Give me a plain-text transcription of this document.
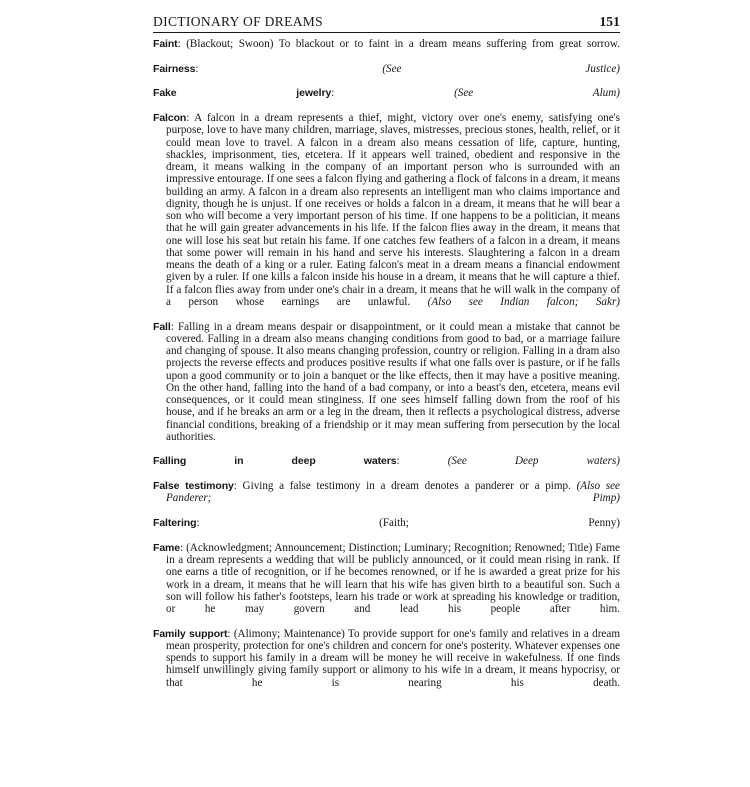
DICTIONARY OF DREAMS	151

Faint: (Blackout; Swoon) To blackout or to faint in a dream means suffering from great sorrow.

Fairness: (See Justice)

Fake jewelry: (See Alum)

Falcon: A falcon in a dream represents a thief, might, victory over one's enemy, satisfying one's purpose, love to have many children, marriage, slaves, mistresses, precious stones, health, relief, or it could mean love to travel. A falcon in a dream also means cessation of life, capture, hunting, shackles, imprisonment, ties, etcetera. If it appears well trained, obedient and responsive in the dream, it means walking in the company of an important person who is surrounded with an impressive entourage. If one sees a falcon flying and gathering a flock of falcons in a dream, it means building an army. A falcon in a dream also represents an intelligent man who claims importance and dignity, though he is unjust. If one receives or holds a falcon in a dream, it means that he will bear a son who will become a very important person of his time. If one happens to be a politician, it means that he will gain greater advancements in his life. If the falcon flies away in the dream, it means that one will lose his seat but retain his fame. If one catches few feathers of a falcon in a dream, it means that some power will remain in his hand and serve his interests. Slaughtering a falcon in a dream means the death of a king or a ruler. Eating falcon's meat in a dream means a financial endowment given by a ruler. If one kills a falcon inside his house in a dream, it means that he will capture a thief. If a falcon flies away from under one's chair in a dream, it means that he will walk in the company of a person whose earnings are unlawful. (Also see Indian falcon; Sakr)

Fall: Falling in a dream means despair or disappointment, or it could mean a mistake that cannot be covered. Falling in a dream also means changing conditions from good to bad, or a marriage failure and changing of spouse. It also means changing profession, country or religion. Falling in a dram also projects the reverse effects and produces positive results if what one falls over is pasture, or if he falls upon a good community or to join a banquet or the like effects, then it may have a positive meaning. On the other hand, falling into the hand of a bad company, or into a beast's den, etcetera, means evil consequences, or it could mean stinginess. If one sees himself falling down from the roof of his house, and if he breaks an arm or a leg in the dream, then it reflects a psychological distress, adverse financial conditions, breaking of a friendship or it may mean suffering from persecution by the local authorities.

Falling in deep waters: (See Deep waters)

False testimony: Giving a false testimony in a dream denotes a panderer or a pimp. (Also see Panderer; Pimp)

Faltering: (Faith; Penny)

Fame: (Acknowledgment; Announcement; Distinction; Luminary; Recognition; Renowned; Title) Fame in a dream represents a wedding that will be publicly announced, or it could mean rising in rank. If one earns a title of recognition, or if he becomes renowned, or if he is awarded a great prize for his work in a dream, it means that he will learn that his wife has given birth to a beautiful son. Such a son will follow his father's footsteps, learn his trade or work at spreading his knowledge or tradition, or he may govern and lead his people after him.

Family support: (Alimony; Maintenance) To provide support for one's family and relatives in a dream mean prosperity, protection for one's children and concern for one's posterity. Whatever expenses one spends to support his family in a dream will be money he will receive in wakefulness. If one finds himself unwillingly giving family support or alimony to his wife in a dream, it means hypocrisy, or that he is nearing his death.
